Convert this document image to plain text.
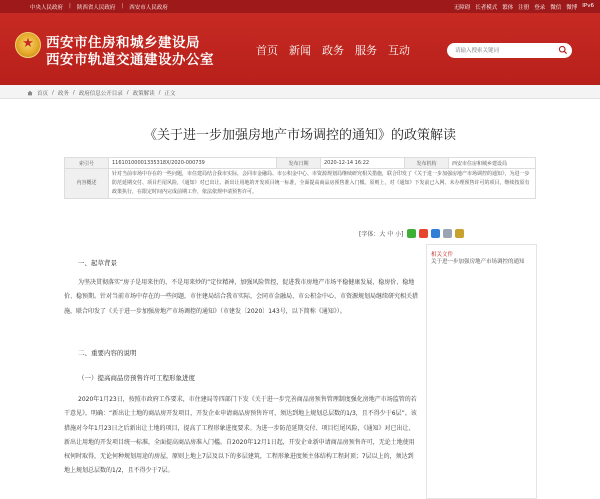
中央人民政府 | 陕西省人民政府 | 西安市人民政府	无障碍 长者模式 繁体 注册 登录 微信 微博 IPv6
★
西安市住房和城乡建设局
西安市轨道交通建设办公室
首页 新闻 政务 服务 互动
请输入搜索关键词
首页 / 政务 / 政府信息公开目录 / 政策解读 / 正文
《关于进一步加强房地产市场调控的通知》的政策解读
索引号	11610100001335318X/2020-000739	发布日期	2020-12-14 16:22	发布机构	西安市住房和城乡建设局
内容概述	针对当前市场中存在的一些问题，市住建局结合我市实际，会同市金融局、市公积金中心、市资源规划局继续研究相关措施，联合印发了《关于进一步加强房地产市场调控的通知》，为进一步防范延期交付、项目烂尾风险，《通知》对已出让、新出让用地的开发项目统一标准，全面提高商品房预售准入门槛。原则上，对《通知》下发前已入网、未办理预售许可的项目，继续按原有政策执行，在限定时间内完成前期工作，依法依规申请预售许可。				
[字体：大 中 小]
一、起草背景
为坚决贯彻落实“房子是用来住的、不是用来炒的”定位精神，加强风险管控，促进我市房地产市场平稳健康发展，稳房价、稳地价、稳预期。针对当前市场中存在的一些问题，市住建局结合我市实际，会同市金融局、市公积金中心、市资源规划局继续研究相关措施，联合印发了《关于进一步加强房地产市场调控的通知》（市建发〔2020〕143号，以下简称《通知》）。
二、重要内容的说明
（一）提高商品房预售许可工程形象进度
2020年1月23日，按照市政府工作要求，市住建局等四部门下发《关于进一步完善商品房预售管理制度强化房地产市场监管的若干意见》，明确：“新出让土地的商品房开发项目，开发企业申请商品房预售许可，须达到地上规划总层数的1/3，且不得少于6层”。该措施对今年1月23日之后新出让土地的项目，提高了工程形象进度要求。为进一步防范延期交付、项目烂尾风险，《通知》对已出让、新出让用地的开发项目统一标准，全面提高商品房准入门槛。自2020年12月1日起，开发企业新申请商品房预售许可，无论土地使用权何时取得，无论何种规划用途的房屋，原则上地上7层及以下的多层建筑，工程形象进度须主体结构工程封顶；7层以上的，须达到地上规划总层数的1/2，且不得少于7层。
相关文件
关于进一步加强房地产市场调控的通知
